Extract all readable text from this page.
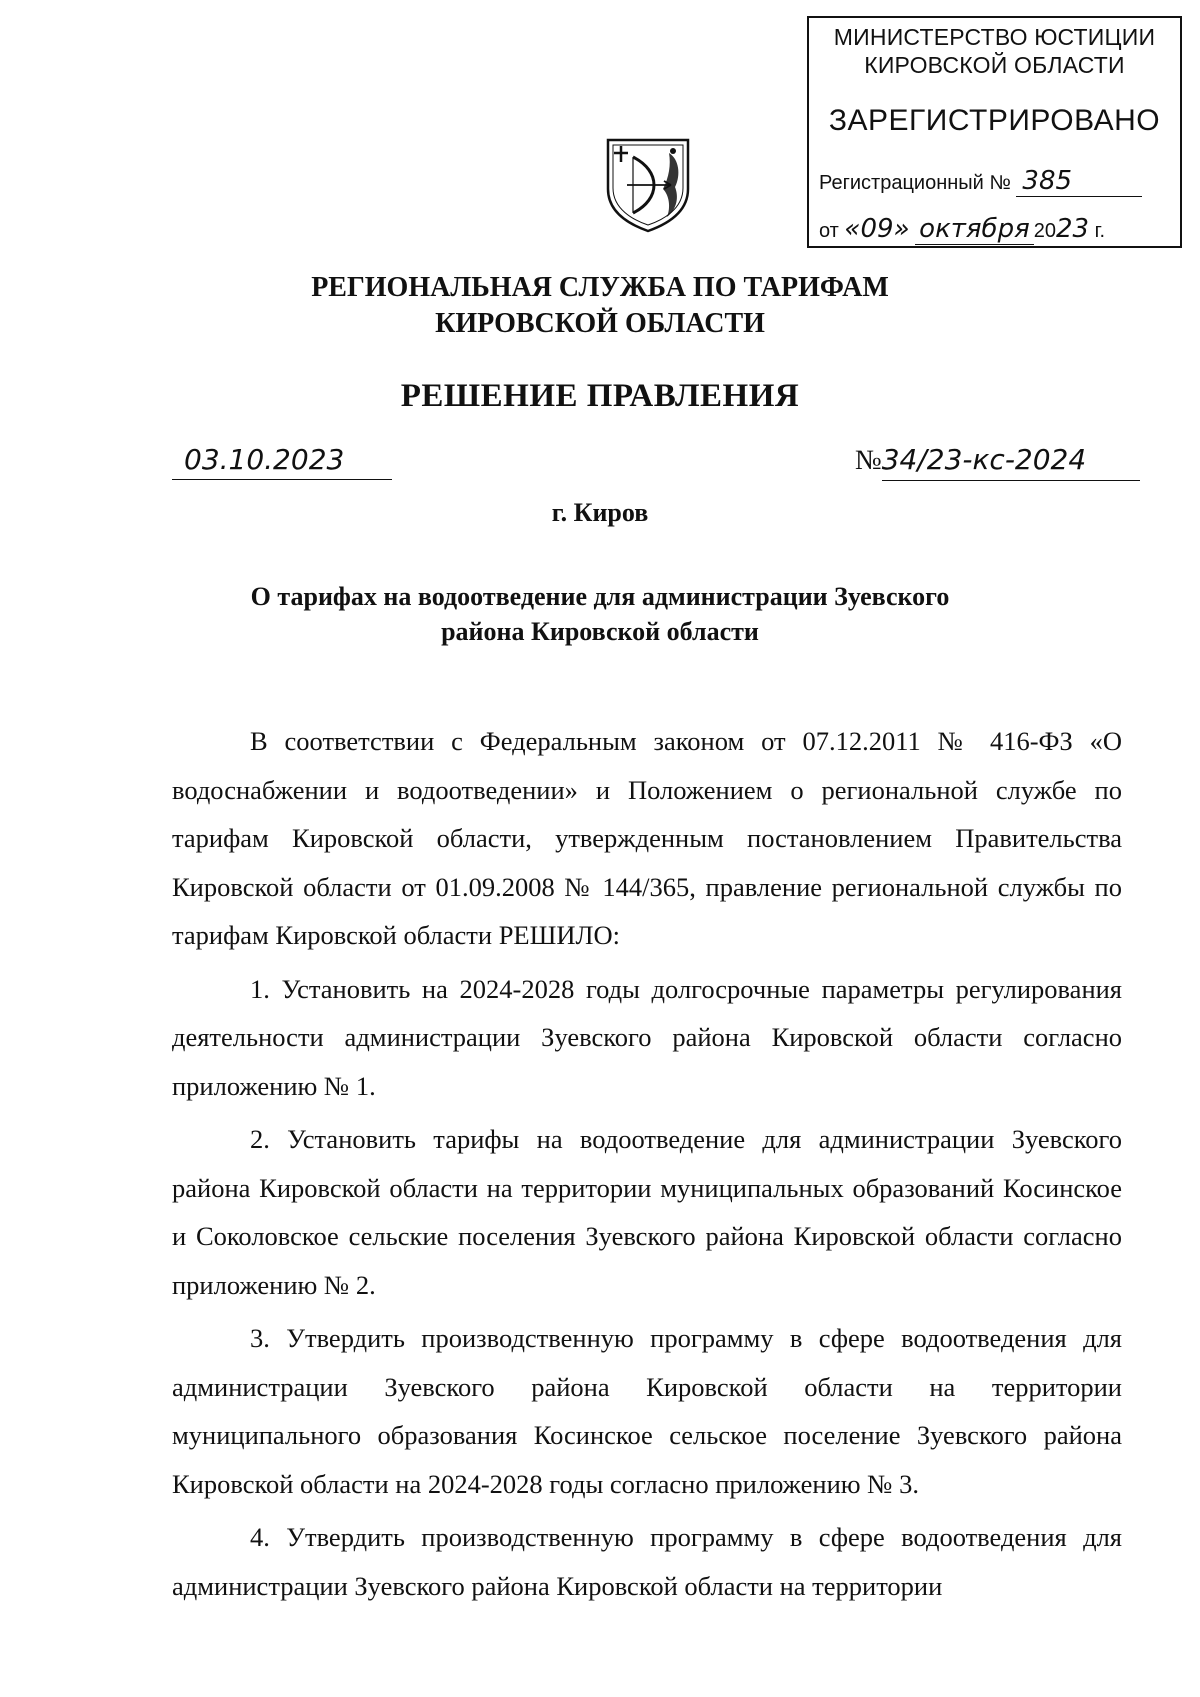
МИНИСТЕРСТВО ЮСТИЦИИ
КИРОВСКОЙ ОБЛАСТИ
ЗАРЕГИСТРИРОВАНО
Регистрационный № 385
от «09» октября 2023 г.
РЕГИОНАЛЬНАЯ СЛУЖБА ПО ТАРИФАМ
КИРОВСКОЙ ОБЛАСТИ
РЕШЕНИЕ ПРАВЛЕНИЯ
03.10.2023	№34/23-кс-2024
г. Киров
О тарифах на водоотведение для администрации Зуевского
района Кировской области

В соответствии с Федеральным законом от 07.12.2011 № 416-ФЗ «О водоснабжении и водоотведении» и Положением о региональной службе по тарифам Кировской области, утвержденным постановлением Правительства Кировской области от 01.09.2008 № 144/365, правление региональной службы по тарифам Кировской области РЕШИЛО:

1. Установить на 2024-2028 годы долгосрочные параметры регулирования деятельности администрации Зуевского района Кировской области согласно приложению № 1.

2. Установить тарифы на водоотведение для администрации Зуевского района Кировской области на территории муниципальных образований Косинское и Соколовское сельские поселения Зуевского района Кировской области согласно приложению № 2.

3. Утвердить производственную программу в сфере водоотведения для администрации Зуевского района Кировской области на территории муниципального образования Косинское сельское поселение Зуевского района Кировской области на 2024-2028 годы согласно приложению № 3.

4. Утвердить производственную программу в сфере водоотведения для администрации Зуевского района Кировской области на территории
